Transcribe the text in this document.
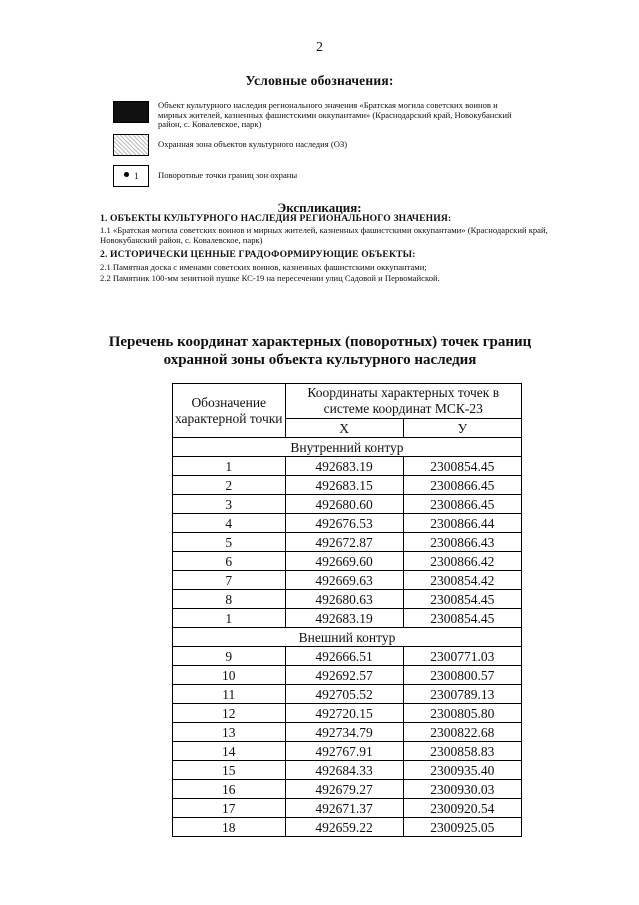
2
Условные обозначения:
Объект культурного наследия регионального значения «Братская могила советских воинов и мирных жителей, казненных фашистскими оккупантами» (Краснодарский край, Новокубанский район, с. Ковалевское, парк)
Охранная зона объектов культурного наследия (ОЗ)
1 Поворотные точки границ зон охраны
Экспликация:
1. ОБЪЕКТЫ КУЛЬТУРНОГО НАСЛЕДИЯ РЕГИОНАЛЬНОГО ЗНАЧЕНИЯ:
1.1 «Братская могила советских воинов и мирных жителей, казненных фашистскими оккупантами» (Краснодарский край, Новокубанский район, с. Ковалевское, парк)
2. ИСТОРИЧЕСКИ ЦЕННЫЕ ГРАДОФОРМИРУЮЩИЕ ОБЪЕКТЫ:
2.1 Памятная доска с именами советских воинов, казненных фашистскими оккупантами;
2.2 Памятник 100-мм зенитной пушке КС-19 на пересечении улиц Садовой и Первомайской.
Перечень координат характерных (поворотных) точек границ охранной зоны объекта культурного наследия
Обозначение характерной точки	Координаты характерных точек в системе координат МСК-23	
	Х	У
Внутренний контур		
1	492683.19	2300854.45
2	492683.15	2300866.45
3	492680.60	2300866.45
4	492676.53	2300866.44
5	492672.87	2300866.43
6	492669.60	2300866.42
7	492669.63	2300854.42
8	492680.63	2300854.45
1	492683.19	2300854.45
Внешний контур		
9	492666.51	2300771.03
10	492692.57	2300800.57
11	492705.52	2300789.13
12	492720.15	2300805.80
13	492734.79	2300822.68
14	492767.91	2300858.83
15	492684.33	2300935.40
16	492679.27	2300930.03
17	492671.37	2300920.54
18	492659.22	2300925.05
